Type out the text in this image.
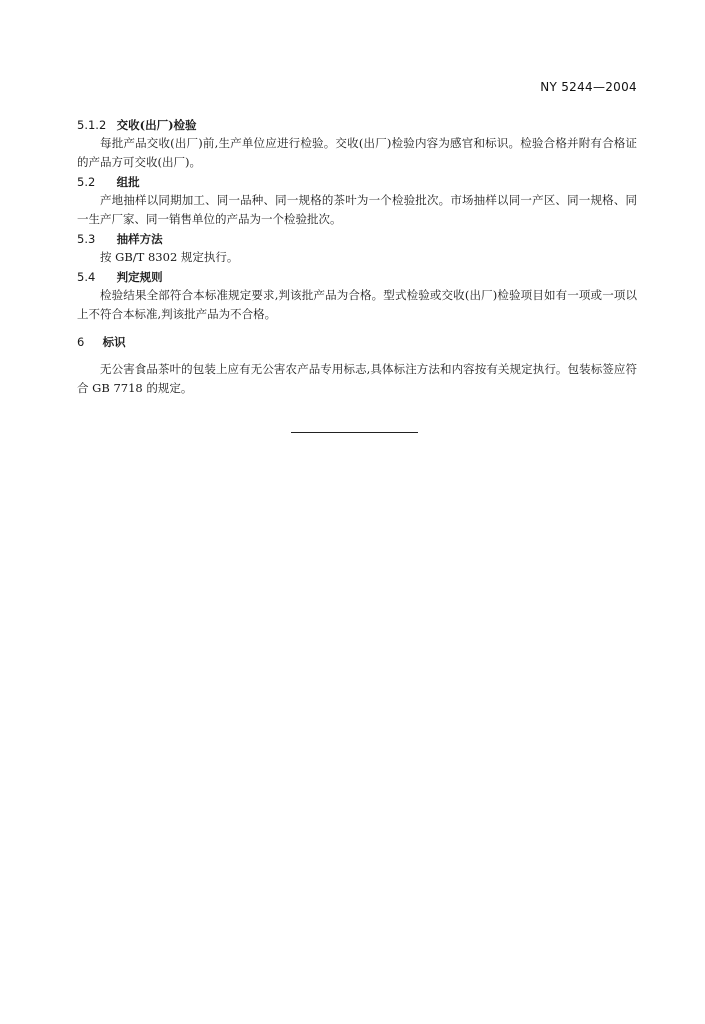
NY 5244—2004
5.1.2 交收(出厂)检验

每批产品交收(出厂)前,生产单位应进行检验。交收(出厂)检验内容为感官和标识。检验合格并附有合格证的产品方可交收(出厂)。

5.2 组批

产地抽样以同期加工、同一品种、同一规格的茶叶为一个检验批次。市场抽样以同一产区、同一规格、同一生产厂家、同一销售单位的产品为一个检验批次。

5.3 抽样方法

按 GB/T 8302 规定执行。

5.4 判定规则

检验结果全部符合本标准规定要求,判该批产品为合格。型式检验或交收(出厂)检验项目如有一项或一项以上不符合本标准,判该批产品为不合格。

6 标识

无公害食品茶叶的包装上应有无公害农产品专用标志,具体标注方法和内容按有关规定执行。包装标签应符合 GB 7718 的规定。
